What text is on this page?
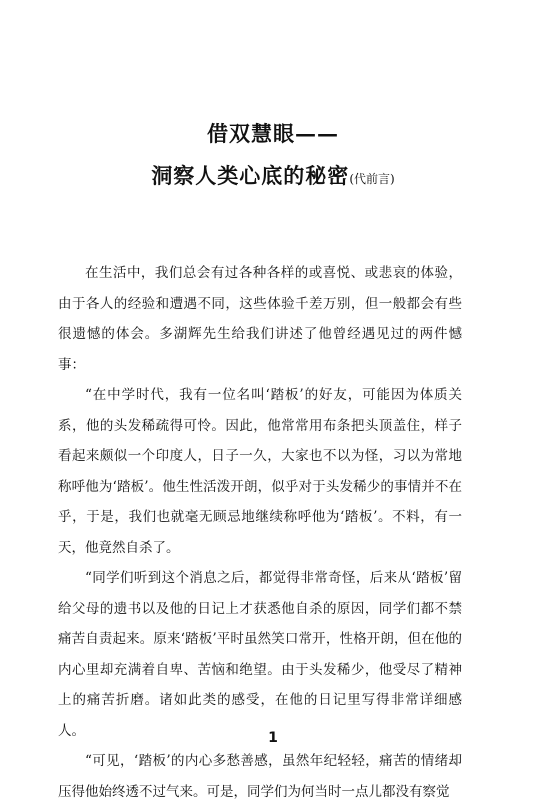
借双慧眼——
洞察人类心底的秘密(代前言)

在生活中，我们总会有过各种各样的或喜悦、或悲哀的体验，由于各人的经验和遭遇不同，这些体验千差万别，但一般都会有些很遗憾的体会。多湖辉先生给我们讲述了他曾经遇见过的两件憾事：

“在中学时代，我有一位名叫‘踏板’的好友，可能因为体质关系，他的头发稀疏得可怜。因此，他常常用布条把头顶盖住，样子看起来颇似一个印度人，日子一久，大家也不以为怪，习以为常地称呼他为‘踏板’。他生性活泼开朗，似乎对于头发稀少的事情并不在乎，于是，我们也就毫无顾忌地继续称呼他为‘踏板’。不料，有一天，他竟然自杀了。

“同学们听到这个消息之后，都觉得非常奇怪，后来从‘踏板’留给父母的遗书以及他的日记上才获悉他自杀的原因，同学们都不禁痛苦自责起来。原来‘踏板’平时虽然笑口常开，性格开朗，但在他的内心里却充满着自卑、苦恼和绝望。由于头发稀少，他受尽了精神上的痛苦折磨。诸如此类的感受，在他的日记里写得非常详细感人。

“可见，‘踏板’的内心多愁善感，虽然年纪轻轻，痛苦的情绪却压得他始终透不过气来。可是，同学们为何当时一点儿都没有察觉

1
